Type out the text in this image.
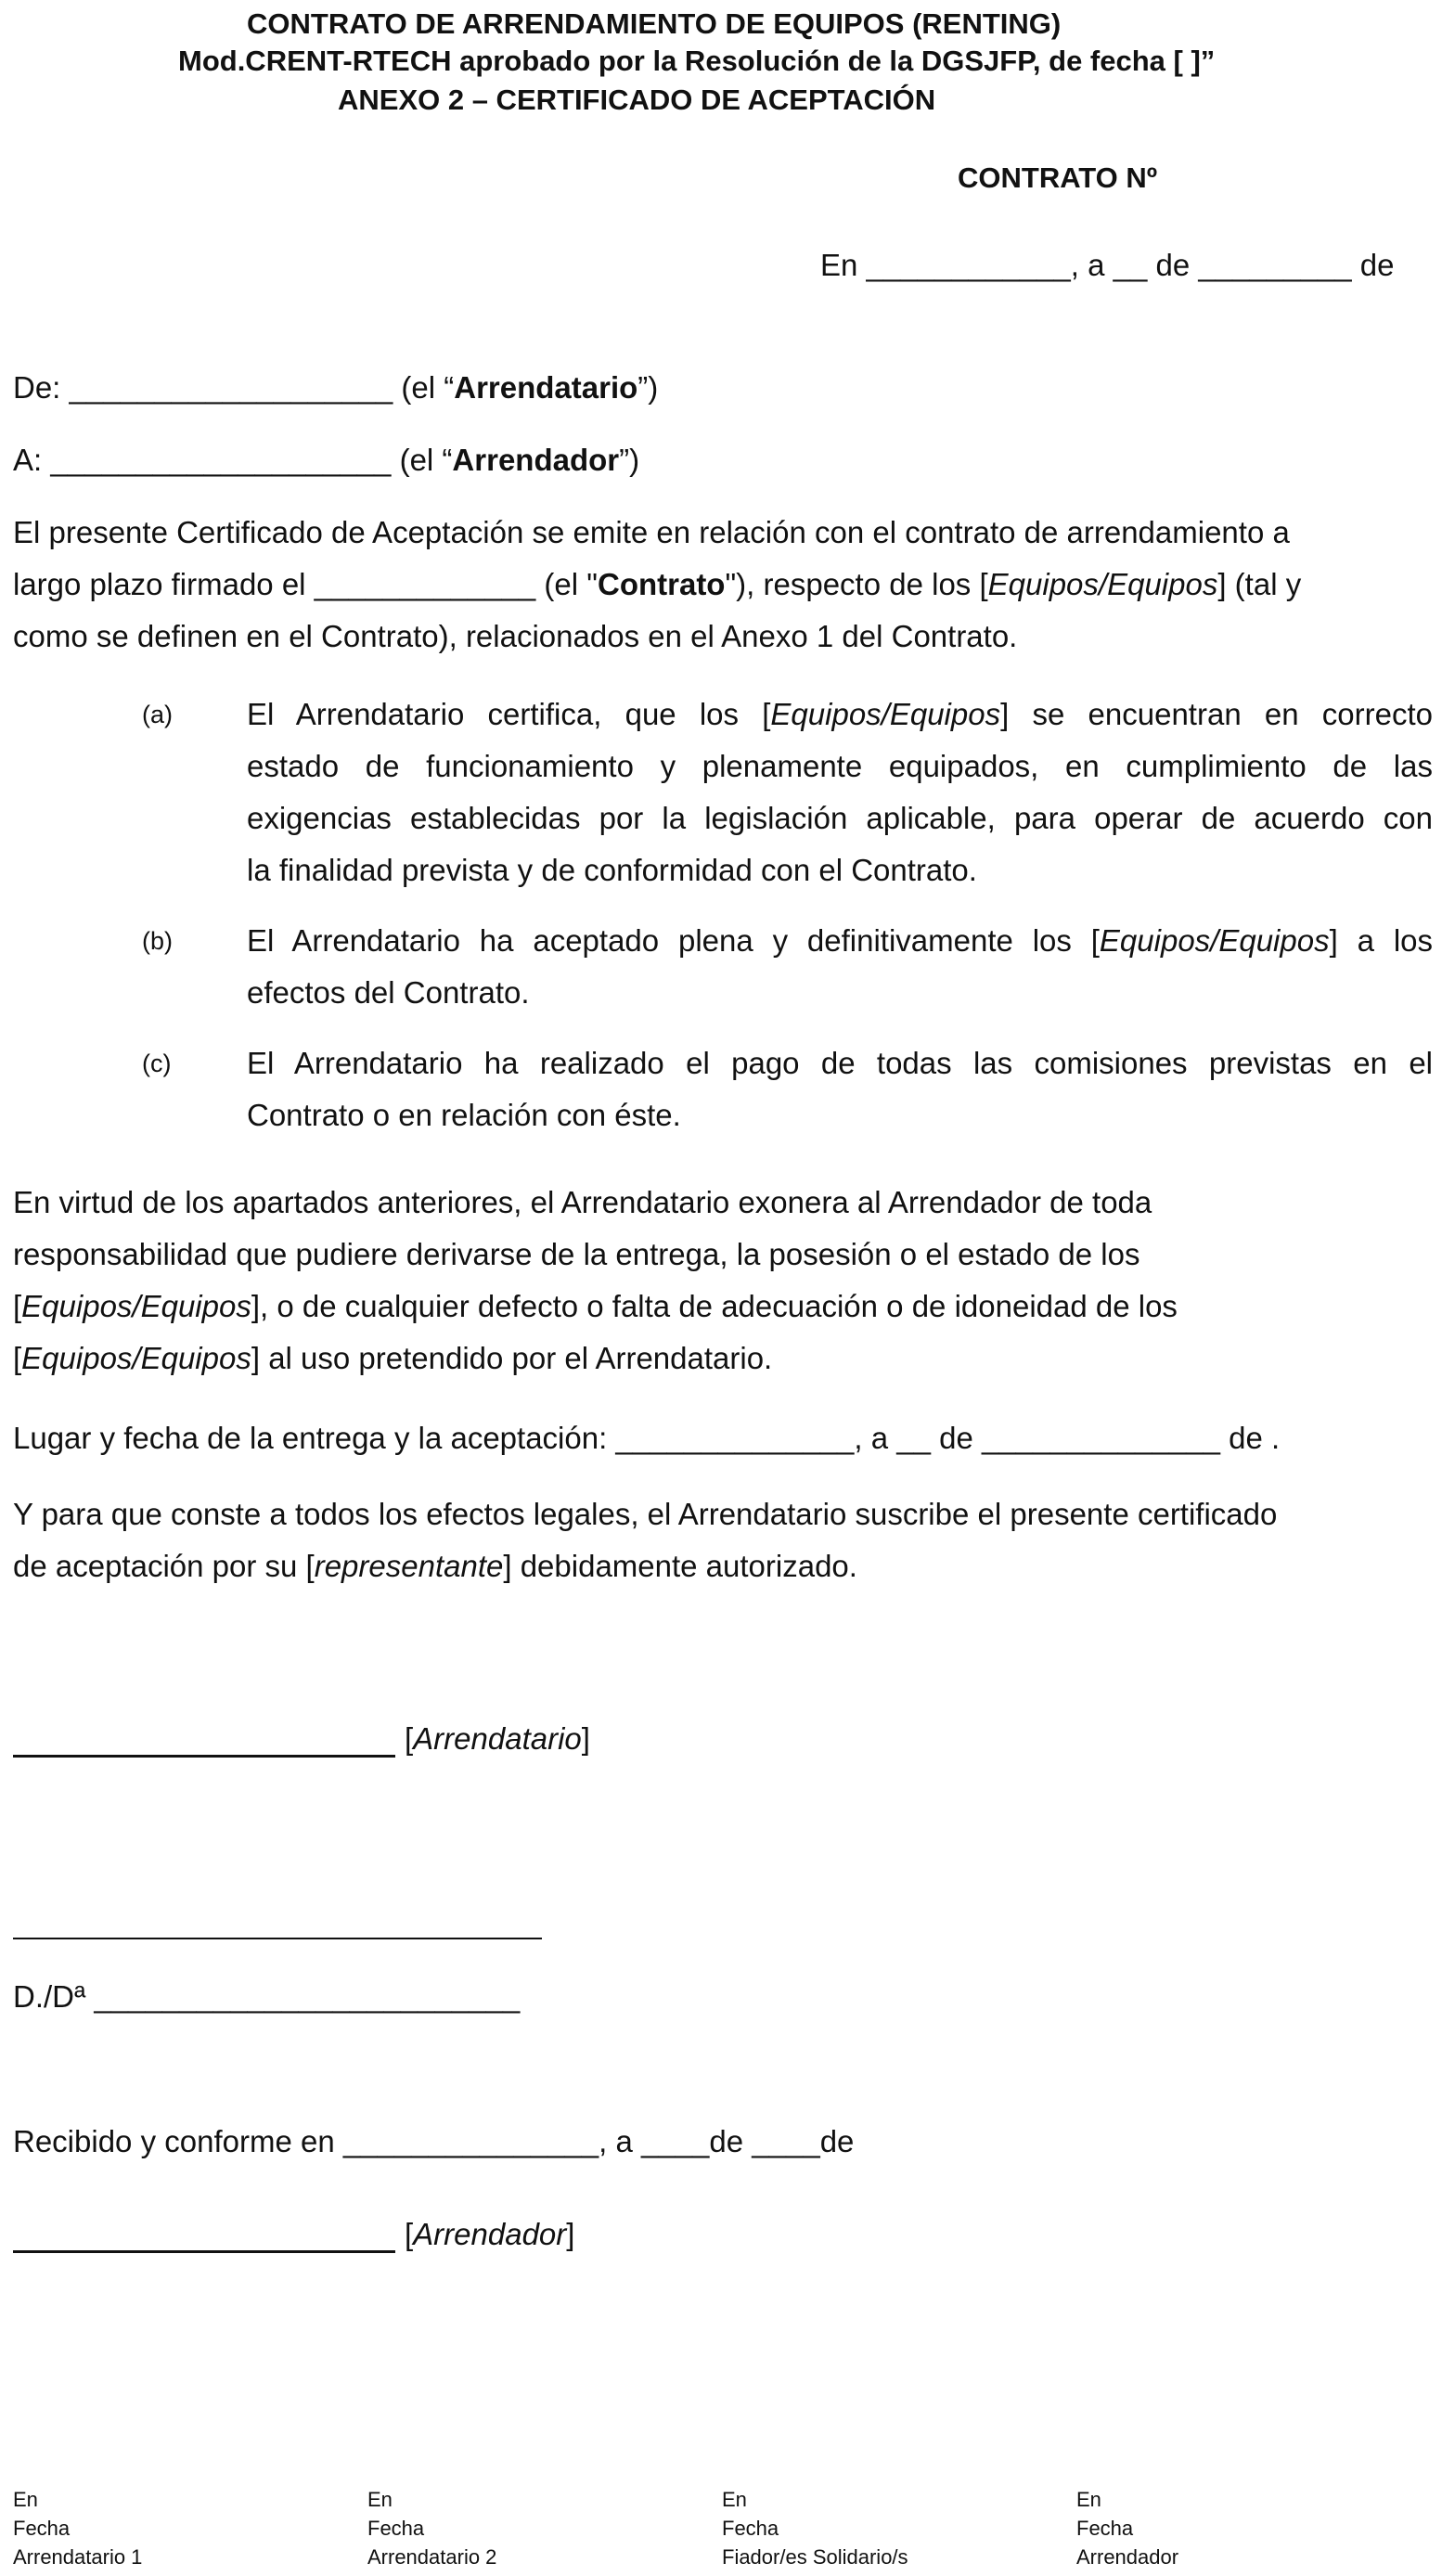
CONTRATO DE ARRENDAMIENTO DE EQUIPOS (RENTING)
Mod.CRENT-RTECH aprobado por la Resolución de la DGSJFP, de fecha [ ]”
ANEXO 2 – CERTIFICADO DE ACEPTACIÓN
CONTRATO Nº
En ____________, a __ de _________ de
De: ___________________ (el “Arrendatario”)
A: ____________________ (el “Arrendador”)

El presente Certificado de Aceptación se emite en relación con el contrato de arrendamiento a

largo plazo firmado el _____________ (el "Contrato"), respecto de los [Equipos/Equipos] (tal y

como se definen en el Contrato), relacionados en el Anexo 1 del Contrato.

(a) El Arrendatario certifica, que los [Equipos/Equipos] se encuentran en correcto
estado de funcionamiento y plenamente equipados, en cumplimiento de las
exigencias establecidas por la legislación aplicable, para operar de acuerdo con
la finalidad prevista y de conformidad con el Contrato.
(b) El Arrendatario ha aceptado plena y definitivamente los [Equipos/Equipos] a los
efectos del Contrato.
(c) El Arrendatario ha realizado el pago de todas las comisiones previstas en el
Contrato o en relación con éste.

En virtud de los apartados anteriores, el Arrendatario exonera al Arrendador de toda

responsabilidad que pudiere derivarse de la entrega, la posesión o el estado de los

[Equipos/Equipos], o de cualquier defecto o falta de adecuación o de idoneidad de los

[Equipos/Equipos] al uso pretendido por el Arrendatario.

Lugar y fecha de la entrega y la aceptación: ______________, a __ de ______________ de .

Y para que conste a todos los efectos legales, el Arrendatario suscribe el presente certificado

de aceptación por su [representante] debidamente autorizado.

[Arrendatario]
D./Dª _________________________
Recibido y conforme en _______________, a ____de ____de
[Arrendador]
En
Fecha
Arrendatario 1
En
Fecha
Arrendatario 2
En
Fecha
Fiador/es Solidario/s
En
Fecha
Arrendador
